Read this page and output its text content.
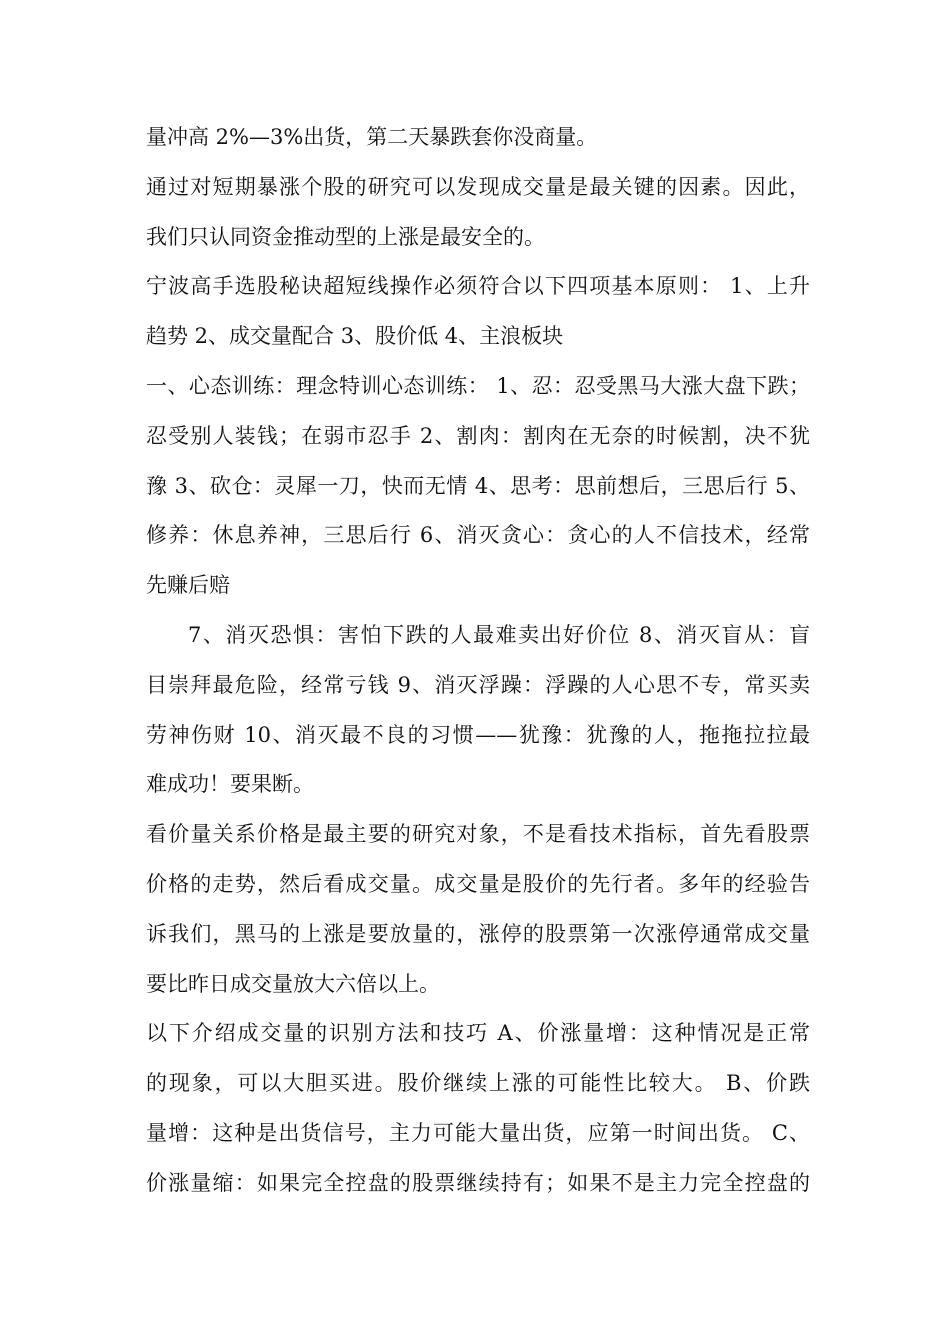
量冲高 2%—3%出货，第二天暴跌套你没商量。
通过对短期暴涨个股的研究可以发现成交量是最关键的因素。因此，
我们只认同资金推动型的上涨是最安全的。
宁波高手选股秘诀超短线操作必须符合以下四项基本原则： 1、上升
趋势 2、成交量配合 3、股价低 4、主浪板块
一、心态训练：理念特训心态训练： 1、忍：忍受黑马大涨大盘下跌；
忍受别人装钱；在弱市忍手 2、割肉：割肉在无奈的时候割，决不犹
豫 3、砍仓：灵犀一刀，快而无情 4、思考：思前想后，三思后行 5、
修养：休息养神，三思后行 6、消灭贪心：贪心的人不信技术，经常
先赚后赔
7、消灭恐惧：害怕下跌的人最难卖出好价位 8、消灭盲从：盲
目崇拜最危险，经常亏钱 9、消灭浮躁：浮躁的人心思不专，常买卖
劳神伤财 10、消灭最不良的习惯——犹豫：犹豫的人，拖拖拉拉最
难成功！要果断。
看价量关系价格是最主要的研究对象，不是看技术指标，首先看股票
价格的走势，然后看成交量。成交量是股价的先行者。多年的经验告
诉我们，黑马的上涨是要放量的，涨停的股票第一次涨停通常成交量
要比昨日成交量放大六倍以上。
以下介绍成交量的识别方法和技巧 A、价涨量增：这种情况是正常
的现象，可以大胆买进。股价继续上涨的可能性比较大。 B、价跌
量增：这种是出货信号，主力可能大量出货，应第一时间出货。 C、
价涨量缩：如果完全控盘的股票继续持有；如果不是主力完全控盘的
